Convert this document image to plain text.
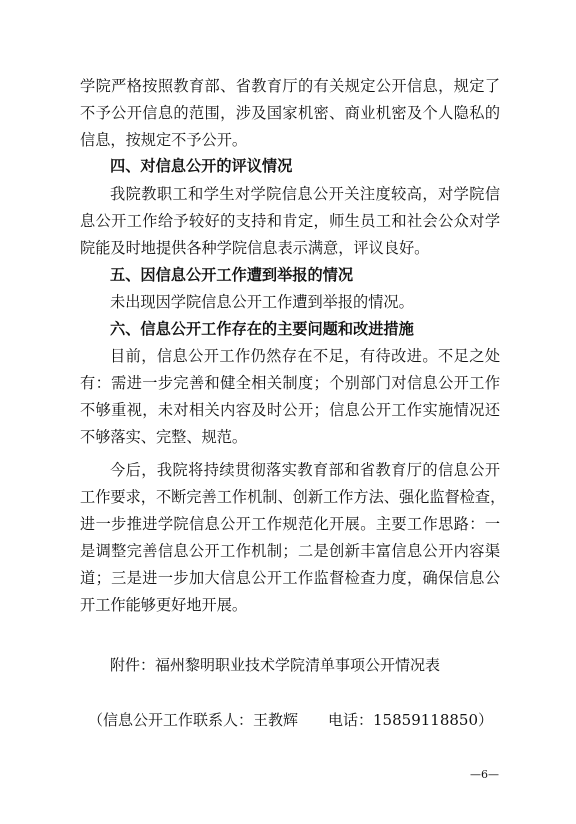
学院严格按照教育部、省教育厅的有关规定公开信息，规定了
不予公开信息的范围，涉及国家机密、商业机密及个人隐私的
信息，按规定不予公开。
四、对信息公开的评议情况
我院教职工和学生对学院信息公开关注度较高，对学院信
息公开工作给予较好的支持和肯定，师生员工和社会公众对学
院能及时地提供各种学院信息表示满意，评议良好。
五、因信息公开工作遭到举报的情况
未出现因学院信息公开工作遭到举报的情况。
六、信息公开工作存在的主要问题和改进措施
目前，信息公开工作仍然存在不足，有待改进。不足之处
有：需进一步完善和健全相关制度；个别部门对信息公开工作
不够重视，未对相关内容及时公开；信息公开工作实施情况还
不够落实、完整、规范。
今后，我院将持续贯彻落实教育部和省教育厅的信息公开
工作要求，不断完善工作机制、创新工作方法、强化监督检查，
进一步推进学院信息公开工作规范化开展。主要工作思路：一
是调整完善信息公开工作机制；二是创新丰富信息公开内容渠
道；三是进一步加大信息公开工作监督检查力度，确保信息公
开工作能够更好地开展。
附件：福州黎明职业技术学院清单事项公开情况表
（信息公开工作联系人：王教辉 电话：15859118850）
—6—
